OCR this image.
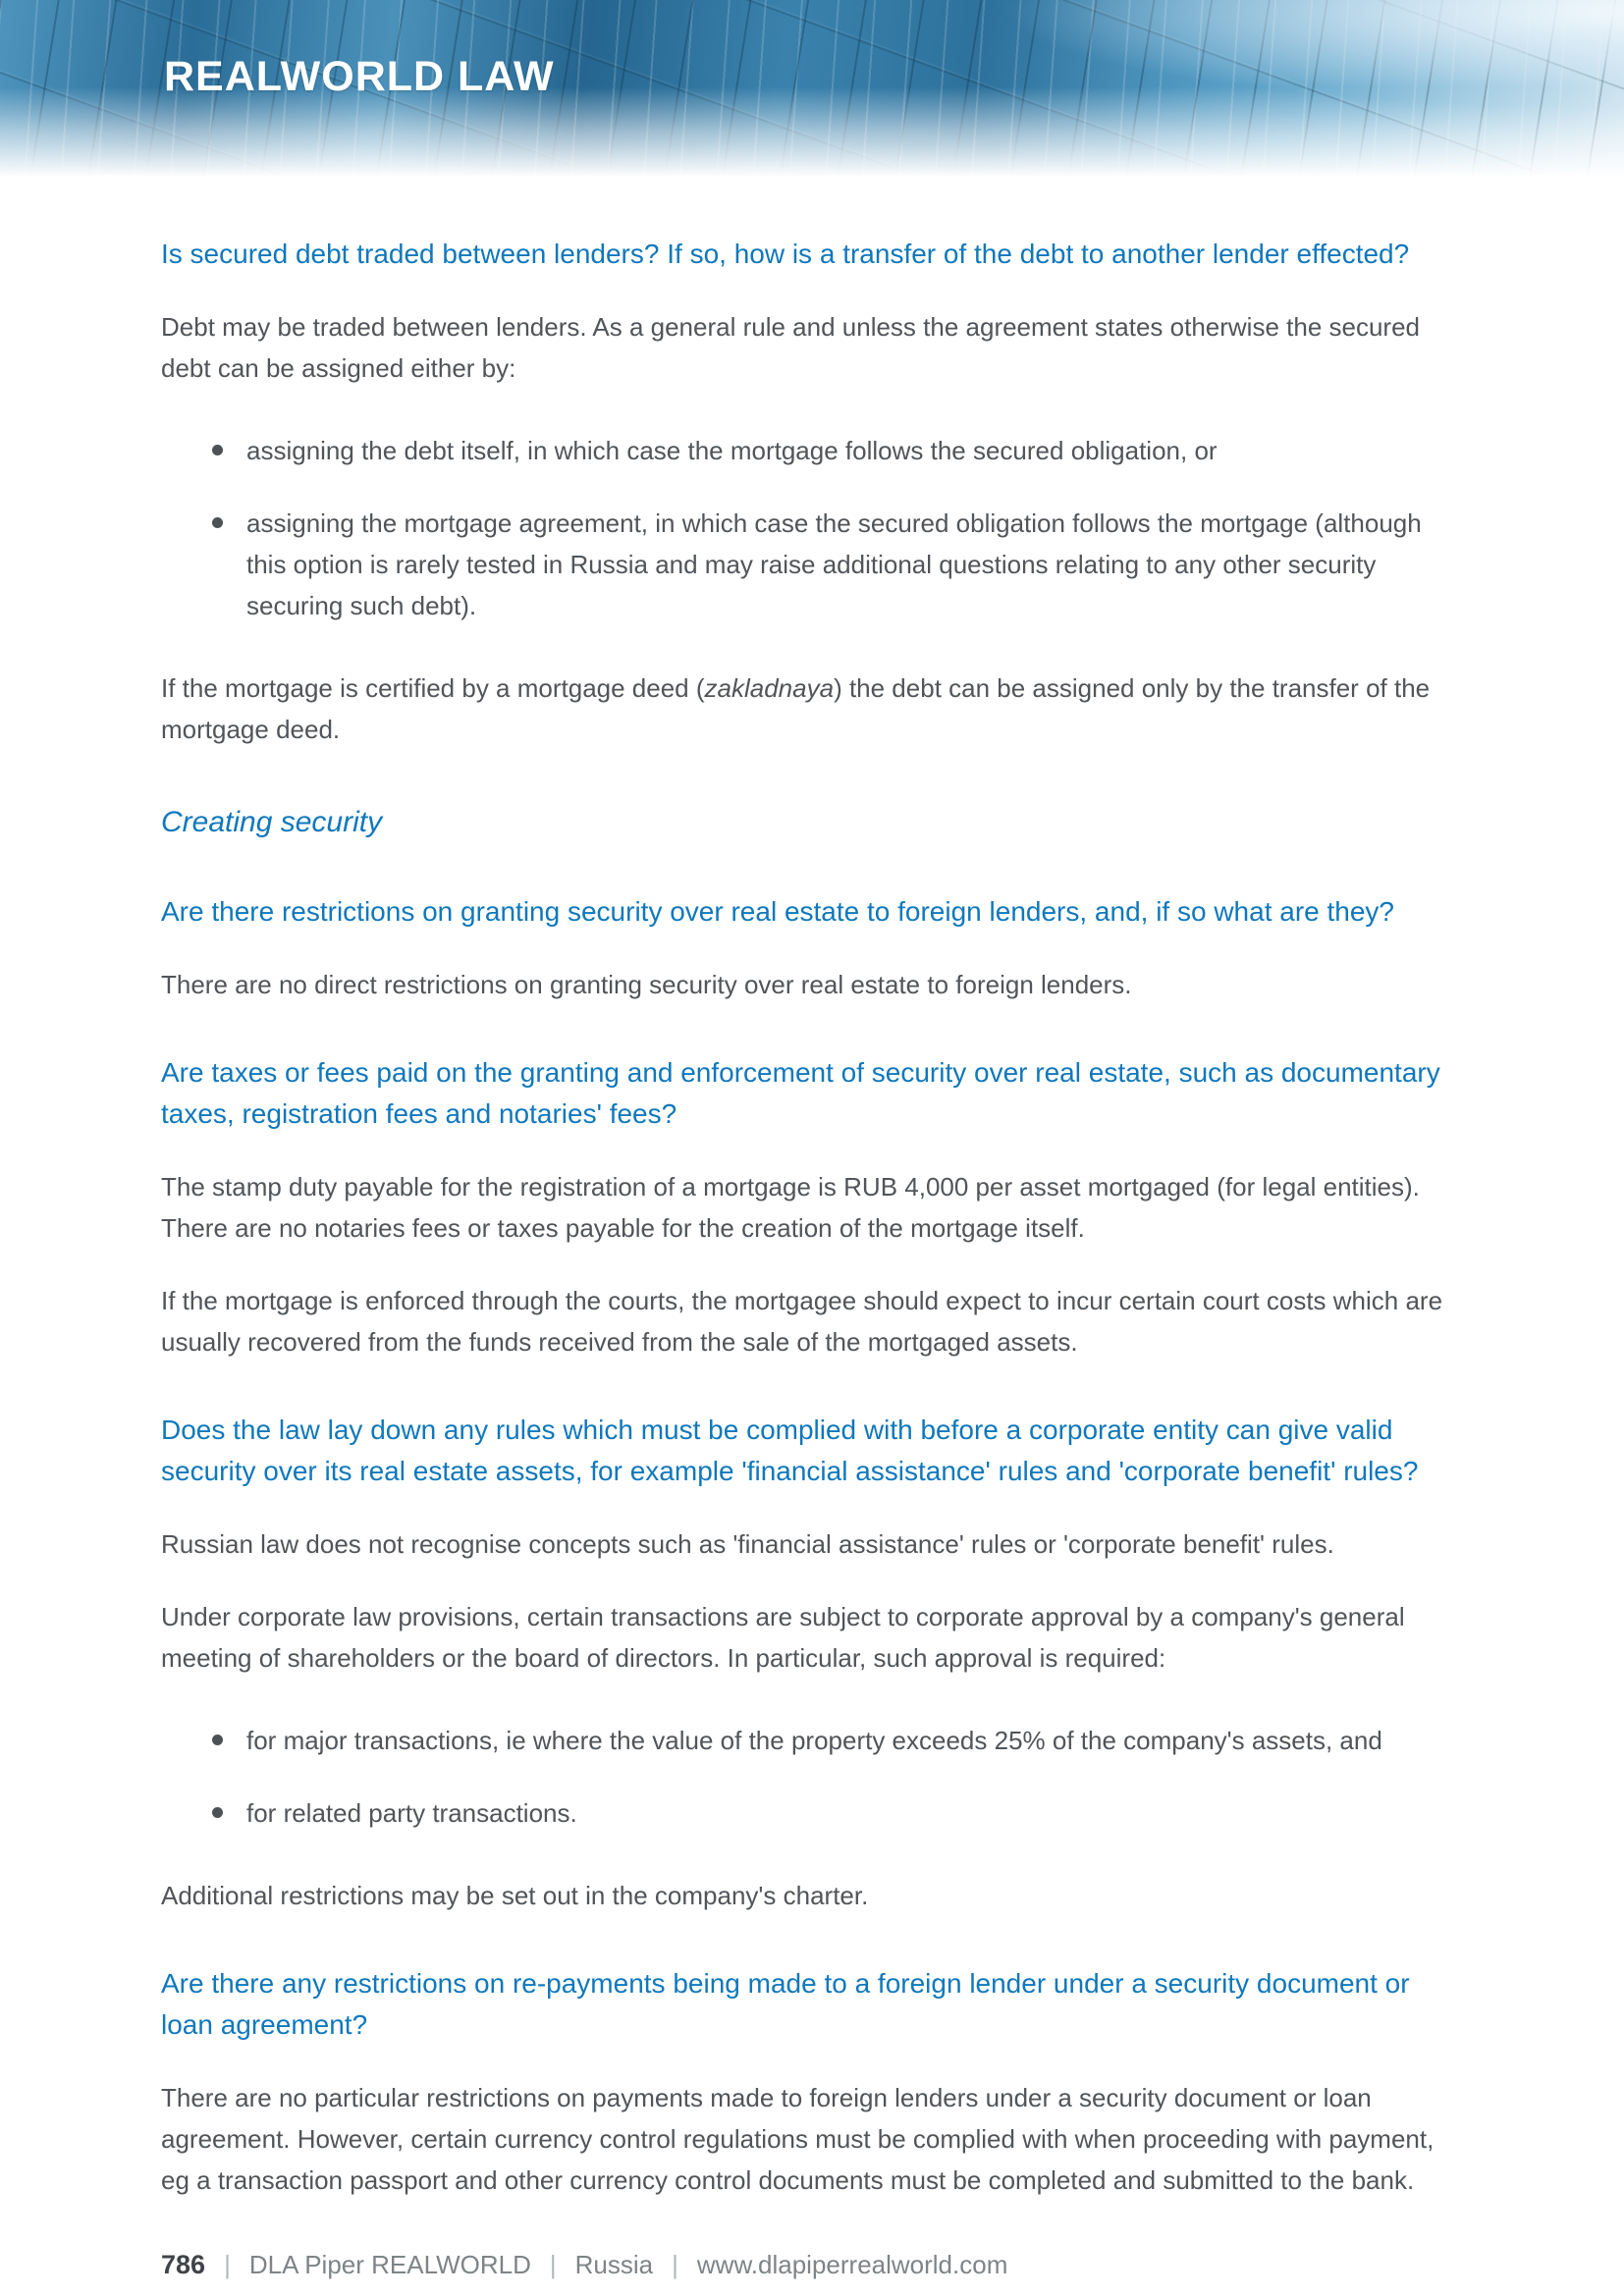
REALWORLD LAW
Is secured debt traded between lenders? If so, how is a transfer of the debt to another lender effected?

Debt may be traded between lenders. As a general rule and unless the agreement states otherwise the secured debt can be assigned either by:

assigning the debt itself, in which case the mortgage follows the secured obligation, or
assigning the mortgage agreement, in which case the secured obligation follows the mortgage (although this option is rarely tested in Russia and may raise additional questions relating to any other security securing such debt).

If the mortgage is certified by a mortgage deed (zakladnaya) the debt can be assigned only by the transfer of the mortgage deed.

Creating security
Are there restrictions on granting security over real estate to foreign lenders, and, if so what are they?

There are no direct restrictions on granting security over real estate to foreign lenders.

Are taxes or fees paid on the granting and enforcement of security over real estate, such as documentary taxes, registration fees and notaries' fees?

The stamp duty payable for the registration of a mortgage is RUB 4,000 per asset mortgaged (for legal entities). There are no notaries fees or taxes payable for the creation of the mortgage itself.

If the mortgage is enforced through the courts, the mortgagee should expect to incur certain court costs which are usually recovered from the funds received from the sale of the mortgaged assets.

Does the law lay down any rules which must be complied with before a corporate entity can give valid security over its real estate assets, for example 'financial assistance' rules and 'corporate benefit' rules?

Russian law does not recognise concepts such as 'financial assistance' rules or 'corporate benefit' rules.

Under corporate law provisions, certain transactions are subject to corporate approval by a company's general meeting of shareholders or the board of directors. In particular, such approval is required:

for major transactions, ie where the value of the property exceeds 25% of the company's assets, and
for related party transactions.

Additional restrictions may be set out in the company's charter.

Are there any restrictions on re-payments being made to a foreign lender under a security document or loan agreement?

There are no particular restrictions on payments made to foreign lenders under a security document or loan agreement. However, certain currency control regulations must be complied with when proceeding with payment, eg a transaction passport and other currency control documents must be completed and submitted to the bank.

786 | DLA Piper REALWORLD | Russia | www.dlapiperrealworld.com
